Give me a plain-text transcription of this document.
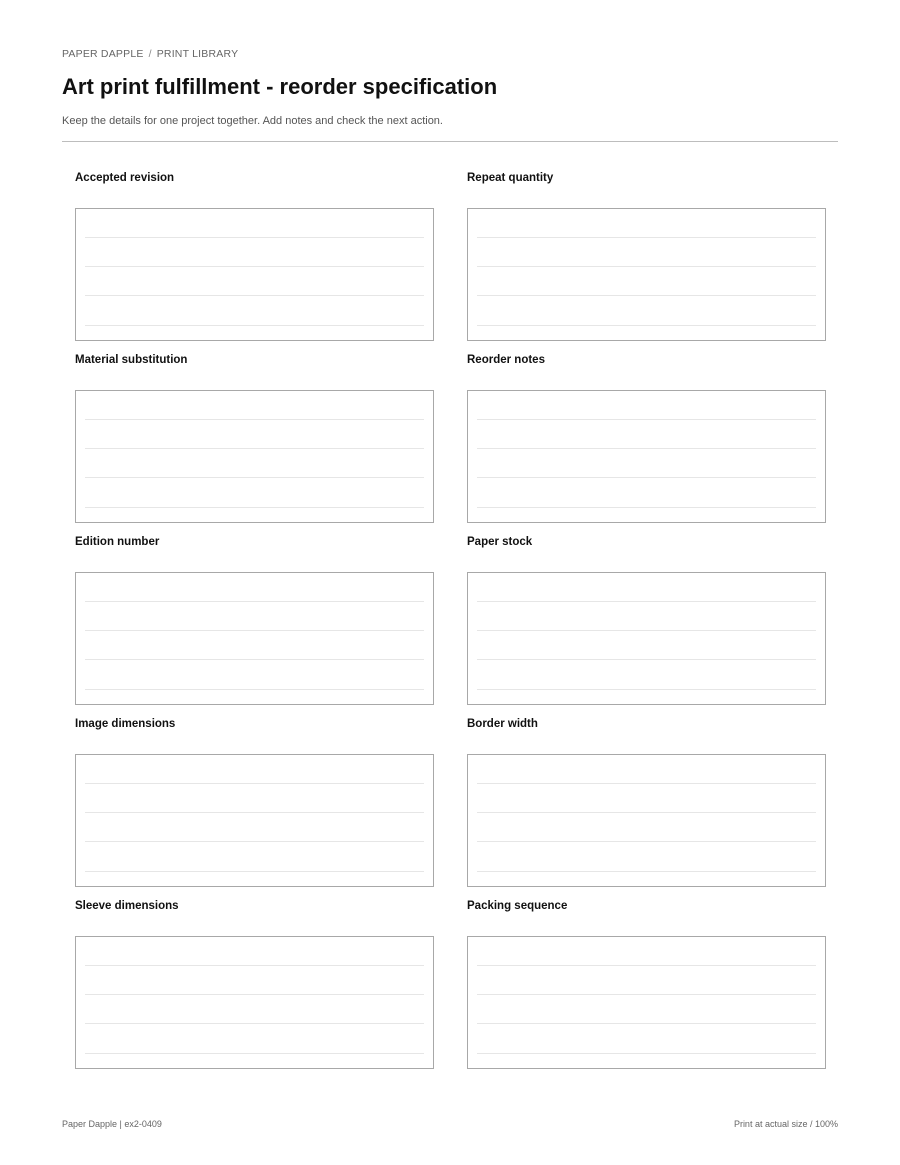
PAPER DAPPLE / PRINT LIBRARY
Art print fulfillment - reorder specification
Keep the details for one project together. Add notes and check the next action.
Accepted revision	Repeat quantity
Material substitution	Reorder notes
Edition number	Paper stock
Image dimensions	Border width
Sleeve dimensions	Packing sequence
Paper Dapple | ex2-0409	Print at actual size / 100%
